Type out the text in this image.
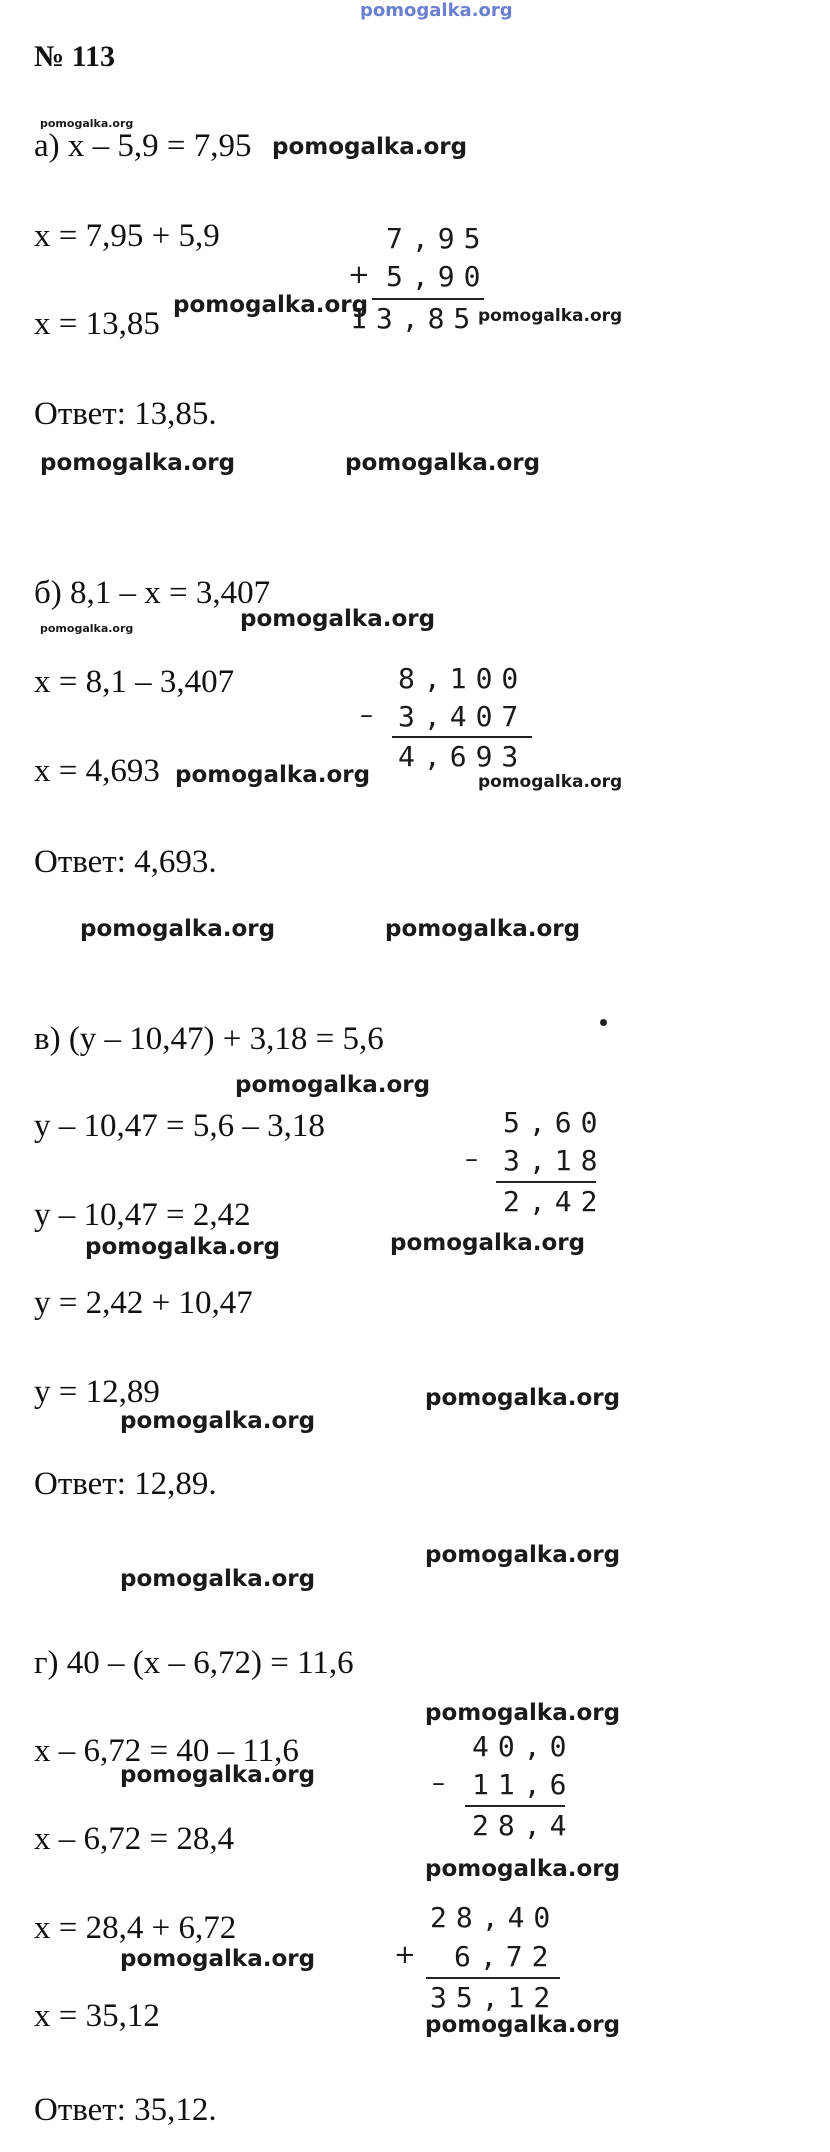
pomogalka.org
№ 113
pomogalka.org
а) x – 5,9 = 7,95 pomogalka.org
x = 7,95 + 5,9
x = 13,85
pomogalka.org
7,95
+ 5,90
13,85
pomogalka.org
Ответ: 13,85.
pomogalka.org	pomogalka.org
б) 8,1 – x = 3,407
pomogalka.org	pomogalka.org
x = 8,1 – 3,407
x = 4,693 pomogalka.org
8,100
– 3,407
4,693
pomogalka.org
Ответ: 4,693.
pomogalka.org	pomogalka.org
в) (y – 10,47) + 3,18 = 5,6
pomogalka.org
y – 10,47 = 5,6 – 3,18
y – 10,47 = 2,42
pomogalka.org	pomogalka.org
5,60
– 3,18
2,42
y = 2,42 + 10,47
y = 12,89	pomogalka.org
pomogalka.org
Ответ: 12,89.
pomogalka.org
pomogalka.org
г) 40 – (x – 6,72) = 11,6
pomogalka.org
x – 6,72 = 40 – 11,6
pomogalka.org
40,0
– 11,6
28,4
x – 6,72 = 28,4
pomogalka.org
28,40
+ 6,72
35,12
x = 28,4 + 6,72
pomogalka.org
x = 35,12	pomogalka.org
Ответ: 35,12.
